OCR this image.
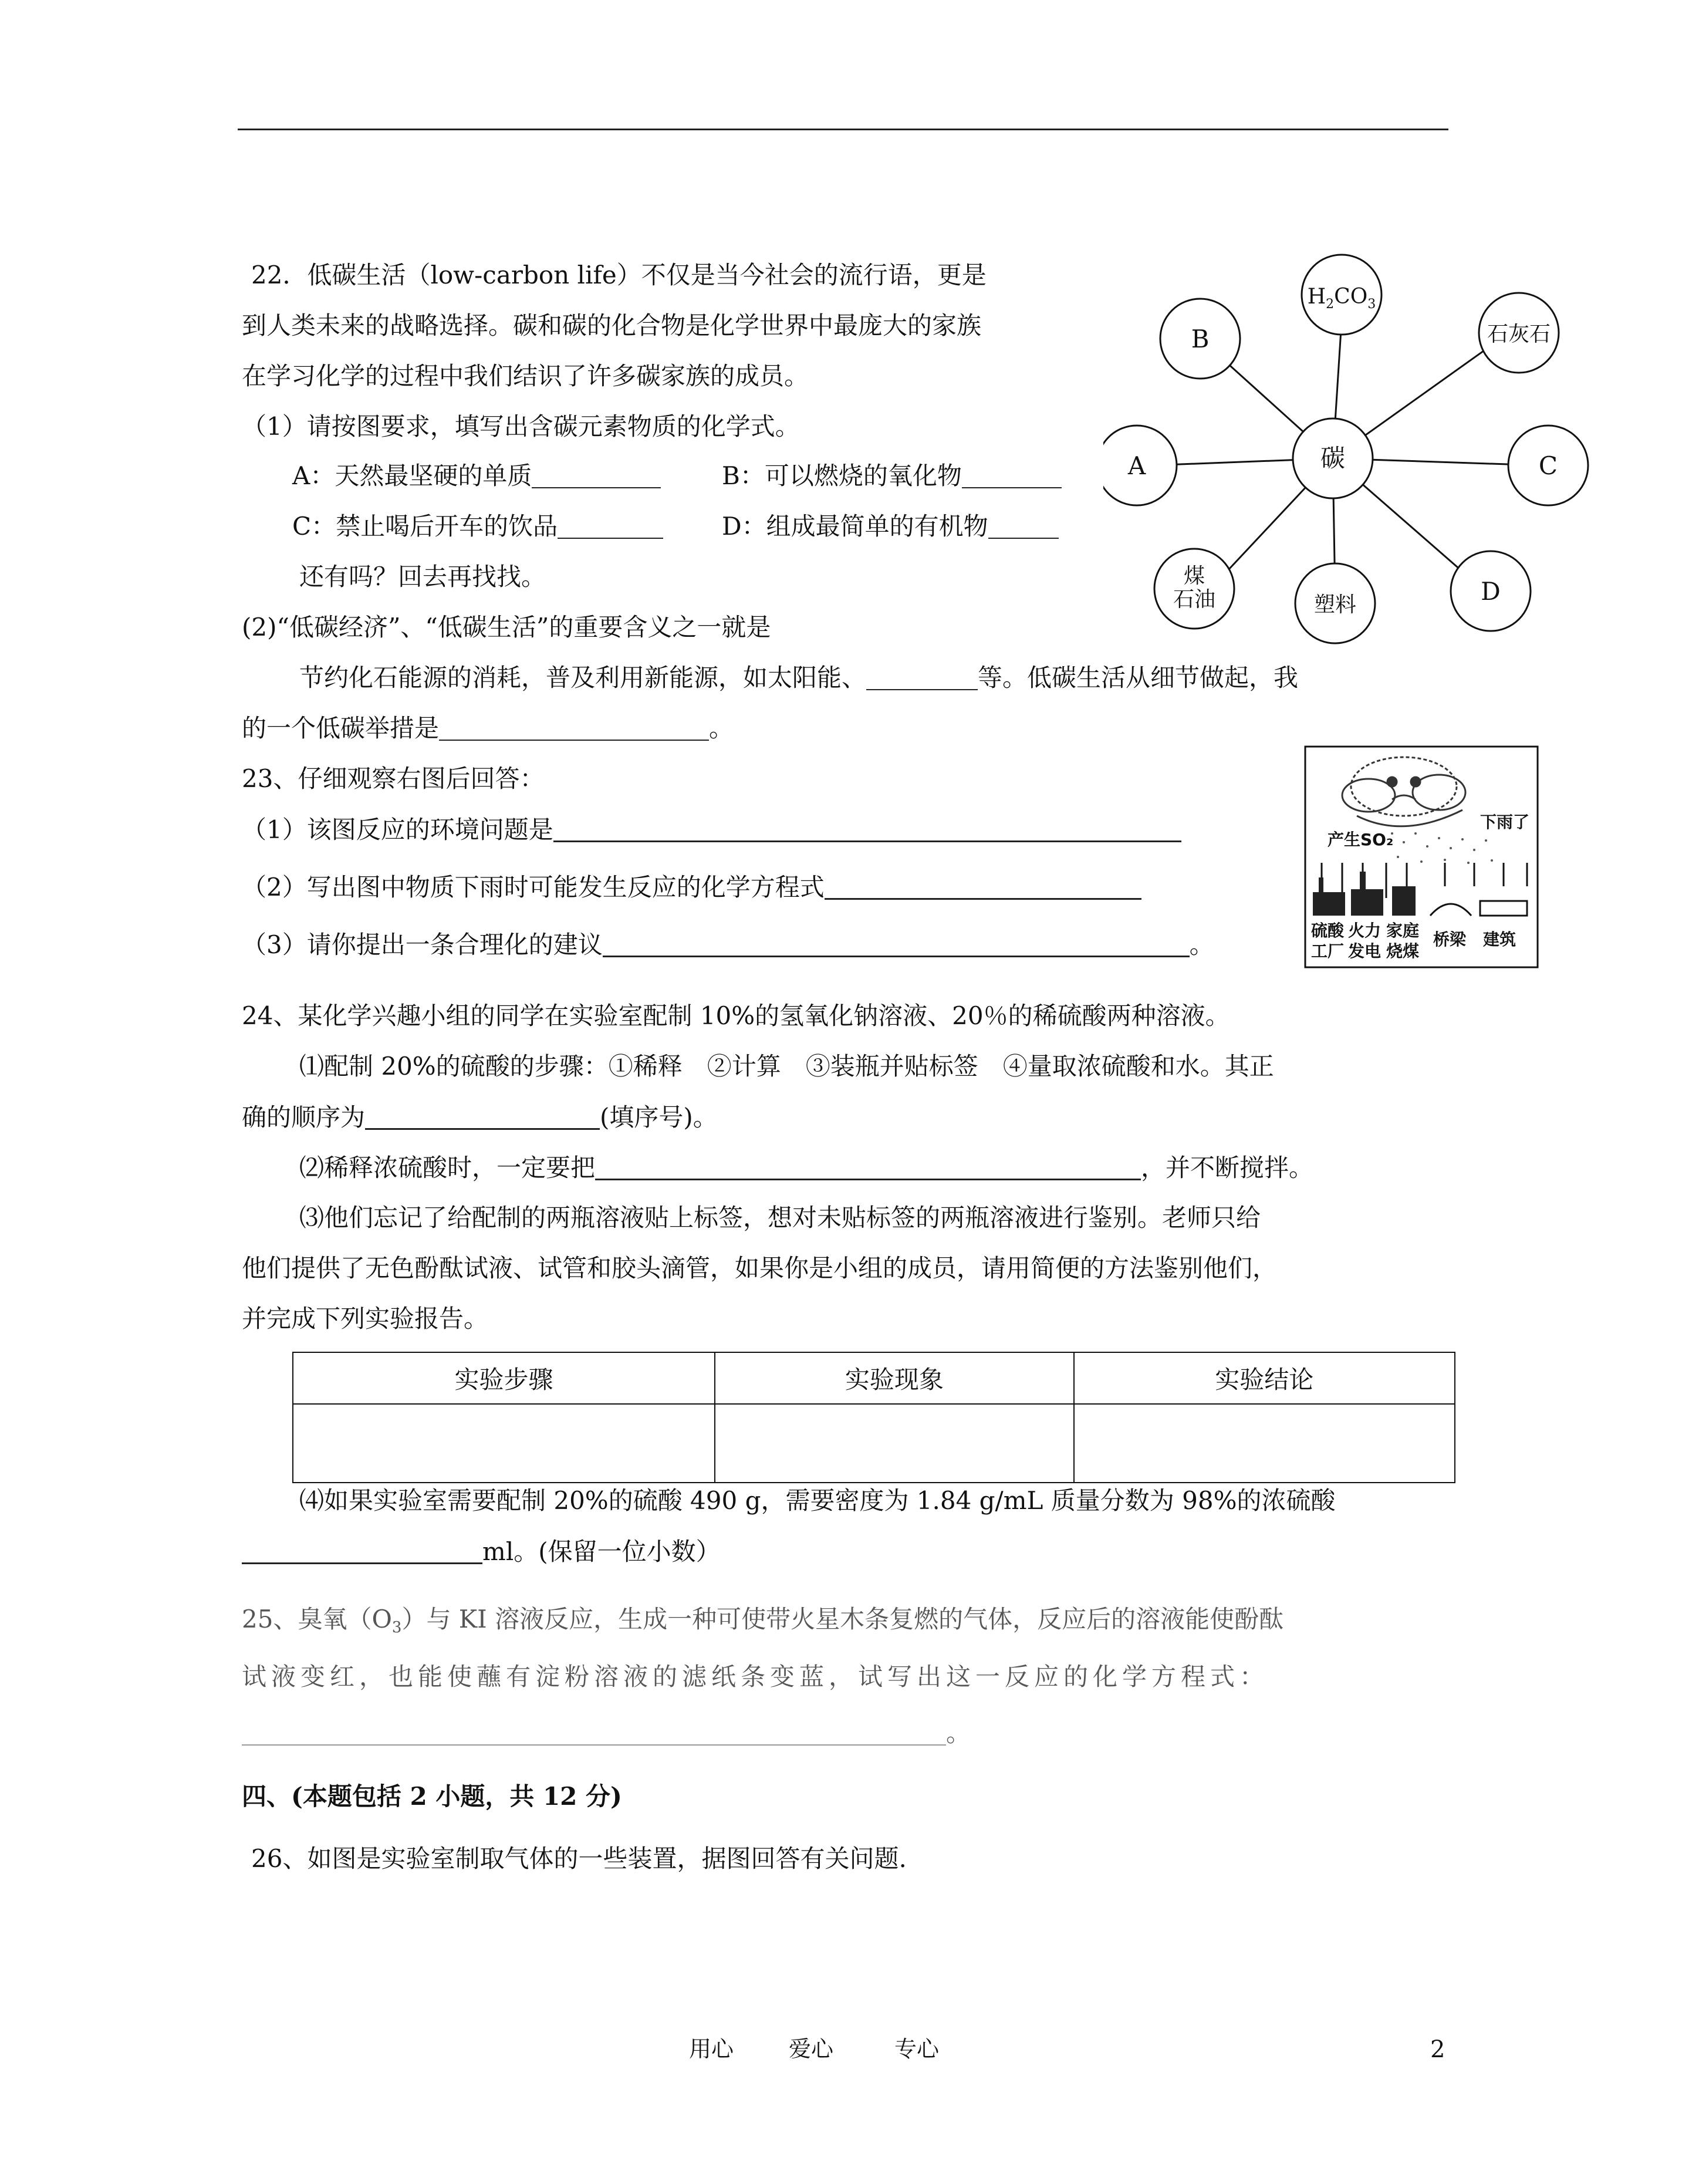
22．低碳生活（low-carbon life）不仅是当今社会的流行语，更是
到人类未来的战略选择。碳和碳的化合物是化学世界中最庞大的家族
在学习化学的过程中我们结识了许多碳家族的成员。
（1）请按图要求，填写出含碳元素物质的化学式。
A：天然最坚硬的单质	B：可以燃烧的氧化物
C：禁止喝后开车的饮品	D：组成最简单的有机物
还有吗？回去再找找。
(2)“低碳经济”、“低碳生活”的重要含义之一就是
节约化石能源的消耗，普及利用新能源，如太阳能、	等。低碳生活从细节做起，我
的一个低碳举措是	。
碳
$H_2CO_3$
B	石灰石
A	C
煤
石油	塑料	D
23、仔细观察右图后回答：
（1）该图反应的环境问题是
（2）写出图中物质下雨时可能发生反应的化学方程式
（3）请你提出一条合理化的建议	。
产生SO₂
下雨了
硫酸
工厂
火力
发电
家庭
烧煤
桥梁 建筑
24、某化学兴趣小组的同学在实验室配制 10%的氢氧化钠溶液、20％的稀硫酸两种溶液。
⑴配制 20%的硫酸的步骤：①稀释　②计算　③装瓶并贴标签　④量取浓硫酸和水。其正
确的顺序为	(填序号)。
⑵稀释浓硫酸时，一定要把	，并不断搅拌。
⑶他们忘记了给配制的两瓶溶液贴上标签，想对未贴标签的两瓶溶液进行鉴别。老师只给
他们提供了无色酚酞试液、试管和胶头滴管，如果你是小组的成员，请用简便的方法鉴别他们，
并完成下列实验报告。
实验步骤	实验现象	实验结论

⑷如果实验室需要配制 20%的硫酸 490 g，需要密度为 1.84 g/mL 质量分数为 98%的浓硫酸
ml。(保留一位小数）
25、臭氧$(O_3)$与 KI 溶液反应，生成一种可使带火星木条复燃的气体，反应后的溶液能使酚酞
试液变红，也能使蘸有淀粉溶液的滤纸条变蓝，试写出这一反应的化学方程式：
。
四、(本题包括 2 小题，共 12 分)
26、如图是实验室制取气体的一些装置，据图回答有关问题.
用心 爱心	专心	2
